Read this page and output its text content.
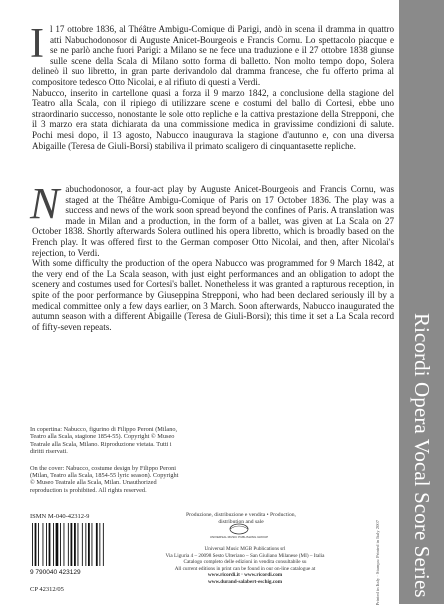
Il 17 ottobre 1836, al Théâtre Ambigu-Comique di Parigi, andò in scena il dramma in quattro atti Nabuchodonosor di Auguste Anicet-Bourgeois e Francis Cornu. Lo spettacolo piacque e se ne parlò anche fuori Parigi: a Milano se ne fece una traduzione e il 27 ottobre 1838 giunse sulle scene della Scala di Milano sotto forma di balletto. Non molto tempo dopo, Solera delineò il suo libretto, in gran parte derivandolo dal dramma francese, che fu offerto prima al compositore tedesco Otto Nicolai, e al rifiuto di questi a Verdi.

Nabucco, inserito in cartellone quasi a forza il 9 marzo 1842, a conclusione della stagione del Teatro alla Scala, con il ripiego di utilizzare scene e costumi del ballo di Cortesi, ebbe uno straordinario successo, nonostante le sole otto repliche e la cattiva prestazione della Strepponi, che il 3 marzo era stata dichiarata da una commissione medica in gravissime condizioni di salute. Pochi mesi dopo, il 13 agosto, Nabucco inaugurava la stagione d'autunno e, con una diversa Abigaille (Teresa de Giuli-Borsi) stabiliva il primato scaligero di cinquantasette repliche.

Nabuchodonosor, a four-act play by Auguste Anicet-Bourgeois and Francis Cornu, was staged at the Théâtre Ambigu-Comique of Paris on 17 October 1836. The play was a success and news of the work soon spread beyond the confines of Paris. A translation was made in Milan and a production, in the form of a ballet, was given at La Scala on 27 October 1838. Shortly afterwards Solera outlined his opera libretto, which is broadly based on the French play. It was offered first to the German composer Otto Nicolai, and then, after Nicolai's rejection, to Verdi.

With some difficulty the production of the opera Nabucco was programmed for 9 March 1842, at the very end of the La Scala season, with just eight performances and an obligation to adopt the scenery and costumes used for Cortesi's ballet. Nonetheless it was granted a rapturous reception, in spite of the poor performance by Giuseppina Strepponi, who had been declared seriously ill by a medical committee only a few days earlier, on 3 March. Soon afterwards, Nabucco inaugurated the autumn season with a different Abigaille (Teresa de Giuli-Borsi); this time it set a La Scala record of fifty-seven repeats.

In copertina: Nabucco, figurino di Filippo Peroni (Milano, Teatro alla Scala, stagione 1854-55). Copyright © Museo Teatrale alla Scala, Milano. Riproduzione vietata. Tutti i diritti riservati.

On the cover: Nabucco, costume design by Filippo Peroni (Milan, Teatro alla Scala, 1854-55 lyric season). Copyright © Museo Teatrale alla Scala, Milan. Unauthorized reproduction is prohibited. All rights reserved.

ISMN M-040-42312-9
9 790040 423129
CP 42312/05
Produzione, distribuzione e vendita • Production, distribution and sale
UNIVERSAL MUSIC PUBLISHING GROUP
Universal Music MGB Publications srl
Via Liguria 4 – 20098 Sesto Ulteriano – San Giuliano Milanese (MI) – Italia
Catalogo completo delle edizioni in vendita consultabile su
All current editions in print can be found in our on-line catalogue at
www.ricordi.it · www.ricordi.com
www.durand-salabert-eschig.com	Printed in Italy · Stampa: Printed in Italy 2007 Ricordi Opera Vocal Score Series
